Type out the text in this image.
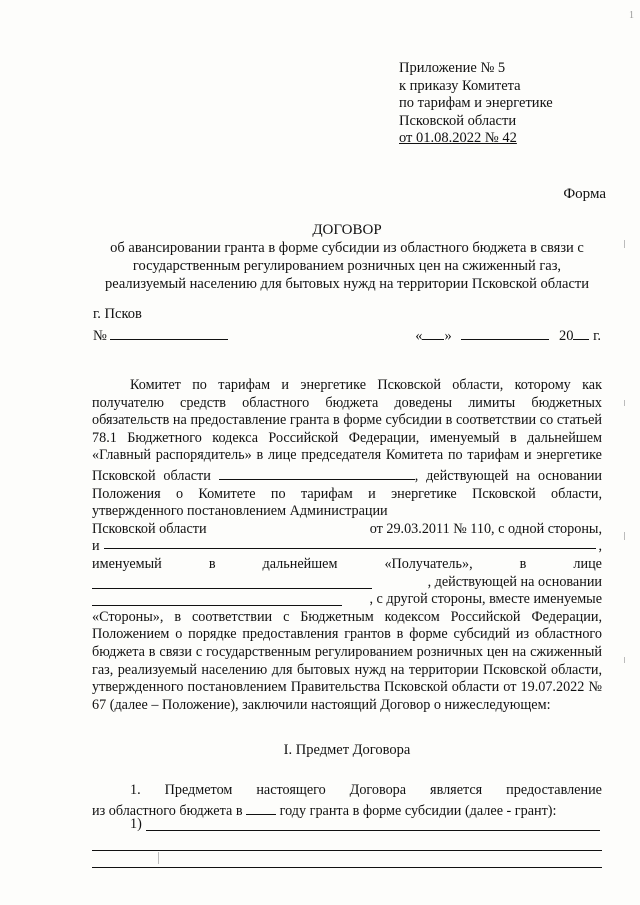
1
Приложение № 5
к приказу Комитета
по тарифам и энергетике
Псковской области
от 01.08.2022 № 42
Форма
ДОГОВОР
об авансировании гранта в форме субсидии из областного бюджета в связи с
государственным регулированием розничных цен на сжиженный газ,
реализуемый населению для бытовых нужд на территории Псковской области
г. Псков
№	« »	20 г.

Комитет по тарифам и энергетике Псковской области, которому как получателю средств областного бюджета доведены лимиты бюджетных обязательств на предоставление гранта в форме субсидии в соответствии со статьей 78.1 Бюджетного кодекса Российской Федерации, именуемый в дальнейшем «Главный распорядитель» в лице председателя Комитета по тарифам и энергетике Псковской области	, действующей на основании Положения о Комитете по тарифам и энергетике Псковской области, утвержденного постановлением Администрации

Псковской области	от 29.03.2011 № 110, с одной стороны,
и	,
именуемый	в	дальнейшем	«Получатель»,	в	лице
, действующей на основании
, с другой стороны, вместе именуемые

«Стороны», в соответствии с Бюджетным кодексом Российской Федерации, Положением о порядке предоставления грантов в форме субсидий из областного бюджета в связи с государственным регулированием розничных цен на сжиженный газ, реализуемый населению для бытовых нужд на территории Псковской области, утвержденного постановлением Правительства Псковской области от 19.07.2022 № 67 (далее – Положение), заключили настоящий Договор о нижеследующем:

I. Предмет Договора
1. Предметом настоящего Договора является предоставление
из областного бюджета в	году гранта в форме субсидии (далее - грант):
1)
